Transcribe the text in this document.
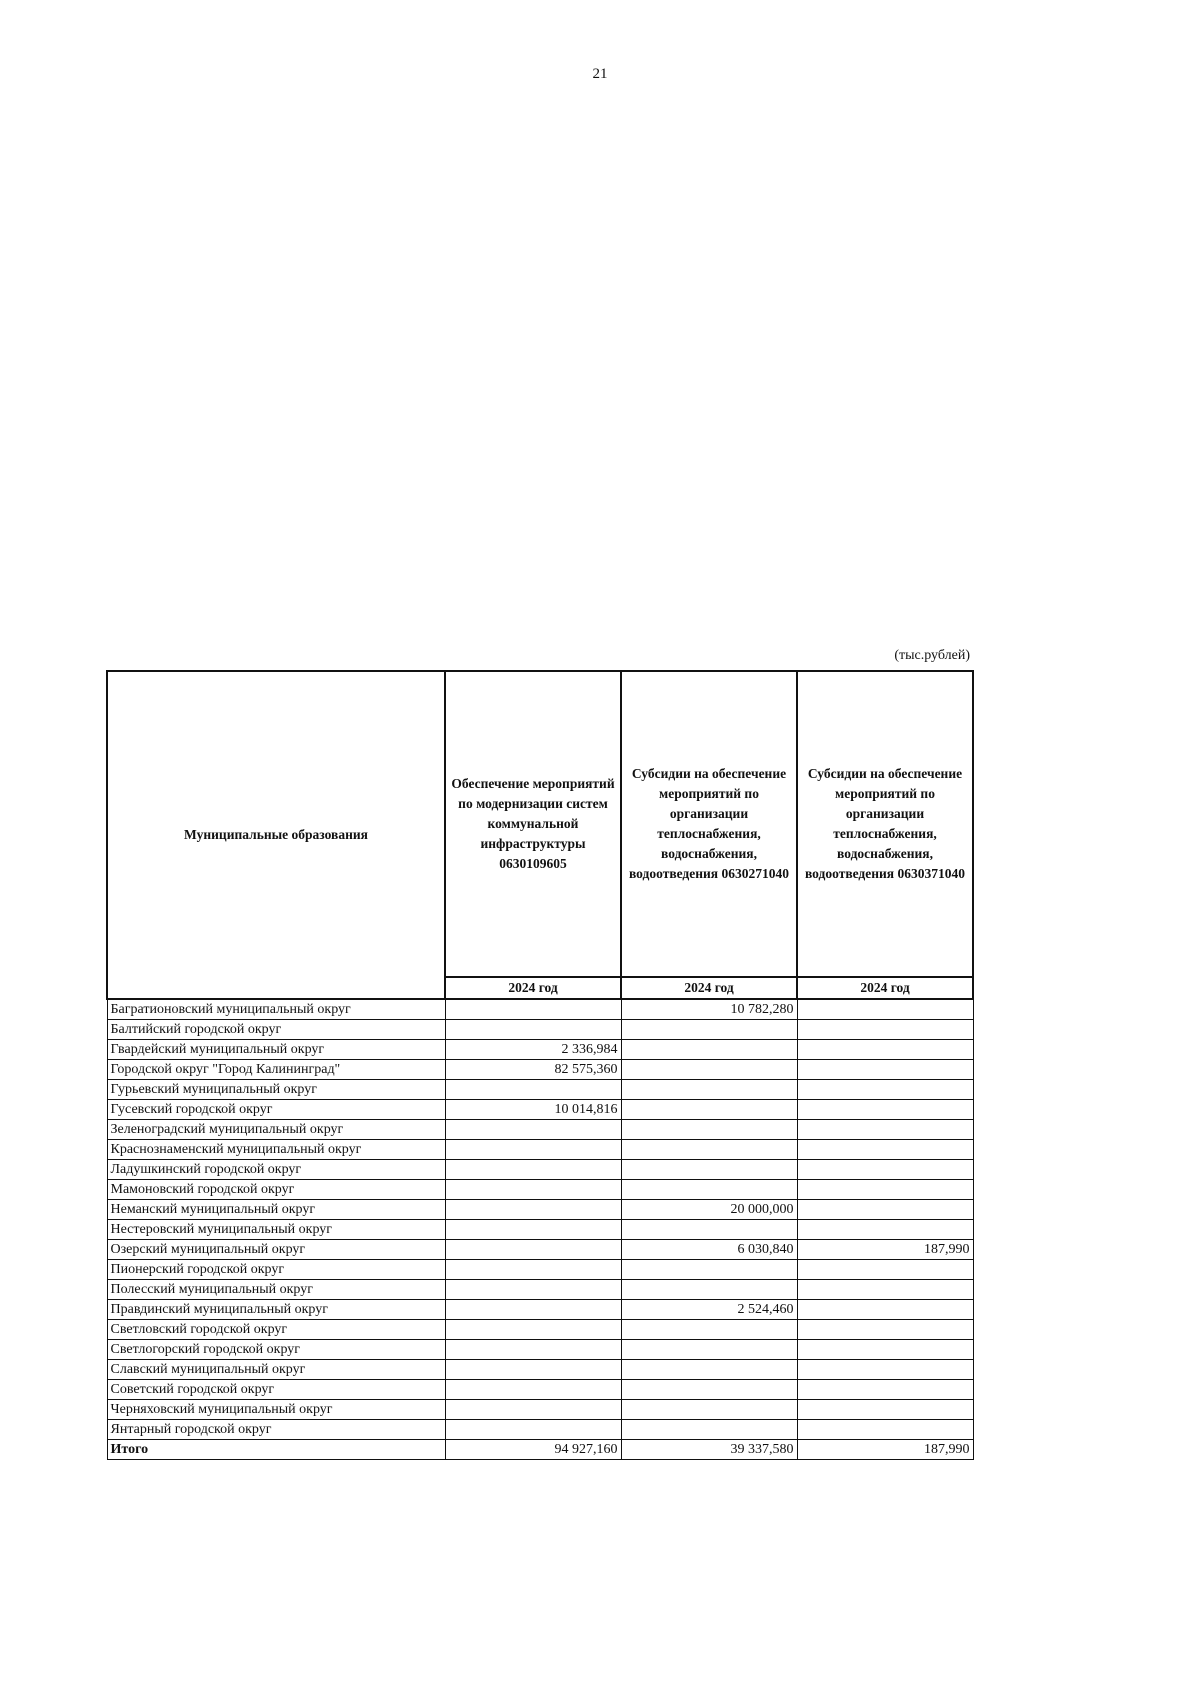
21
(тыс.рублей)
Муниципальные образования	Обеспечение мероприятий по модернизации систем коммунальной инфраструктуры 0630109605	Субсидии на обеспечение мероприятий по организации теплоснабжения, водоснабжения, водоотведения 0630271040	Субсидии на обеспечение мероприятий по организации теплоснабжения, водоснабжения, водоотведения 0630371040
	2024 год	2024 год	2024 год
Багратионовский муниципальный округ		10 782,280	
Балтийский городской округ			
Гвардейский муниципальный округ	2 336,984		
Городской округ "Город Калининград"	82 575,360		
Гурьевский муниципальный округ			
Гусевский городской округ	10 014,816		
Зеленоградский муниципальный округ			
Краснознаменский муниципальный округ			
Ладушкинский городской округ			
Мамоновский городской округ			
Неманский муниципальный округ		20 000,000	
Нестеровский муниципальный округ			
Озерский муниципальный округ		6 030,840	187,990
Пионерский городской округ			
Полесский муниципальный округ			
Правдинский муниципальный округ		2 524,460	
Светловский городской округ			
Светлогорский городской округ			
Славский муниципальный округ			
Советский городской округ			
Черняховский муниципальный округ			
Янтарный городской округ			
Итого	94 927,160	39 337,580	187,990
